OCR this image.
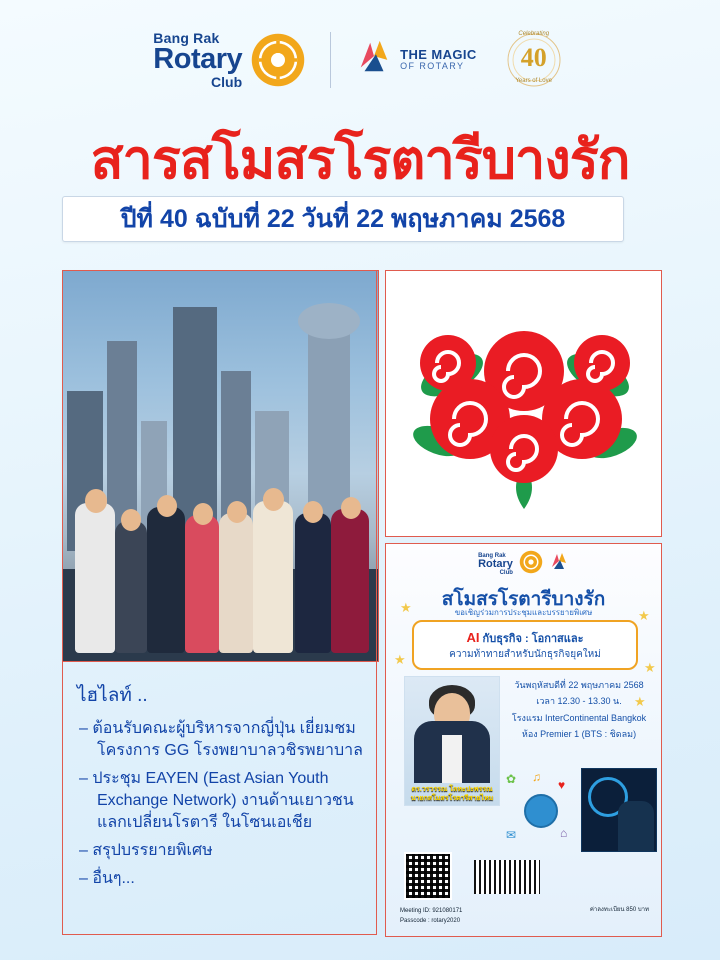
Bang Rak
Rotary
Club
THE MAGIC
OF ROTARY
Celebrating
40
Years of Love
สารสโมสรโรตารีบางรัก
ปีที่ 40 ฉบับที่ 22 วันที่ 22 พฤษภาคม 2568
★
★
★
★
★
Bang Rak
Rotary
Club
สโมสรโรตารีบางรัก
ขอเชิญร่วมการประชุมและบรรยายพิเศษ
AI กับธุรกิจ : โอกาสและ
ความท้าทายสำหรับนักธุรกิจยุคใหม่
ดร.วรวรรณ โลหะปะพรรณ
นายกสโมสรโรตารีสายไหม
วันพฤหัสบดีที่ 22 พฤษภาคม 2568
เวลา 12.30 - 13.30 น.
โรงแรม InterContinental Bangkok
ห้อง Premier 1 (BTS : ชิดลม)
✿ ♫
♥
✉	⌂
Meeting ID: 921080171
Passcode : rotary2020
ค่าลงทะเบียน 850 บาท
ไฮไลท์ ..
– ต้อนรับคณะผู้บริหารจากญี่ปุ่น เยี่ยมชม
โครงการ GG โรงพยาบาลวชิรพยาบาล
– ประชุม EAYEN (East Asian Youth
Exchange Network) งานด้านเยาวชน
แลกเปลี่ยนโรตารี ในโซนเอเชีย
– สรุปบรรยายพิเศษ
– อื่นๆ...
